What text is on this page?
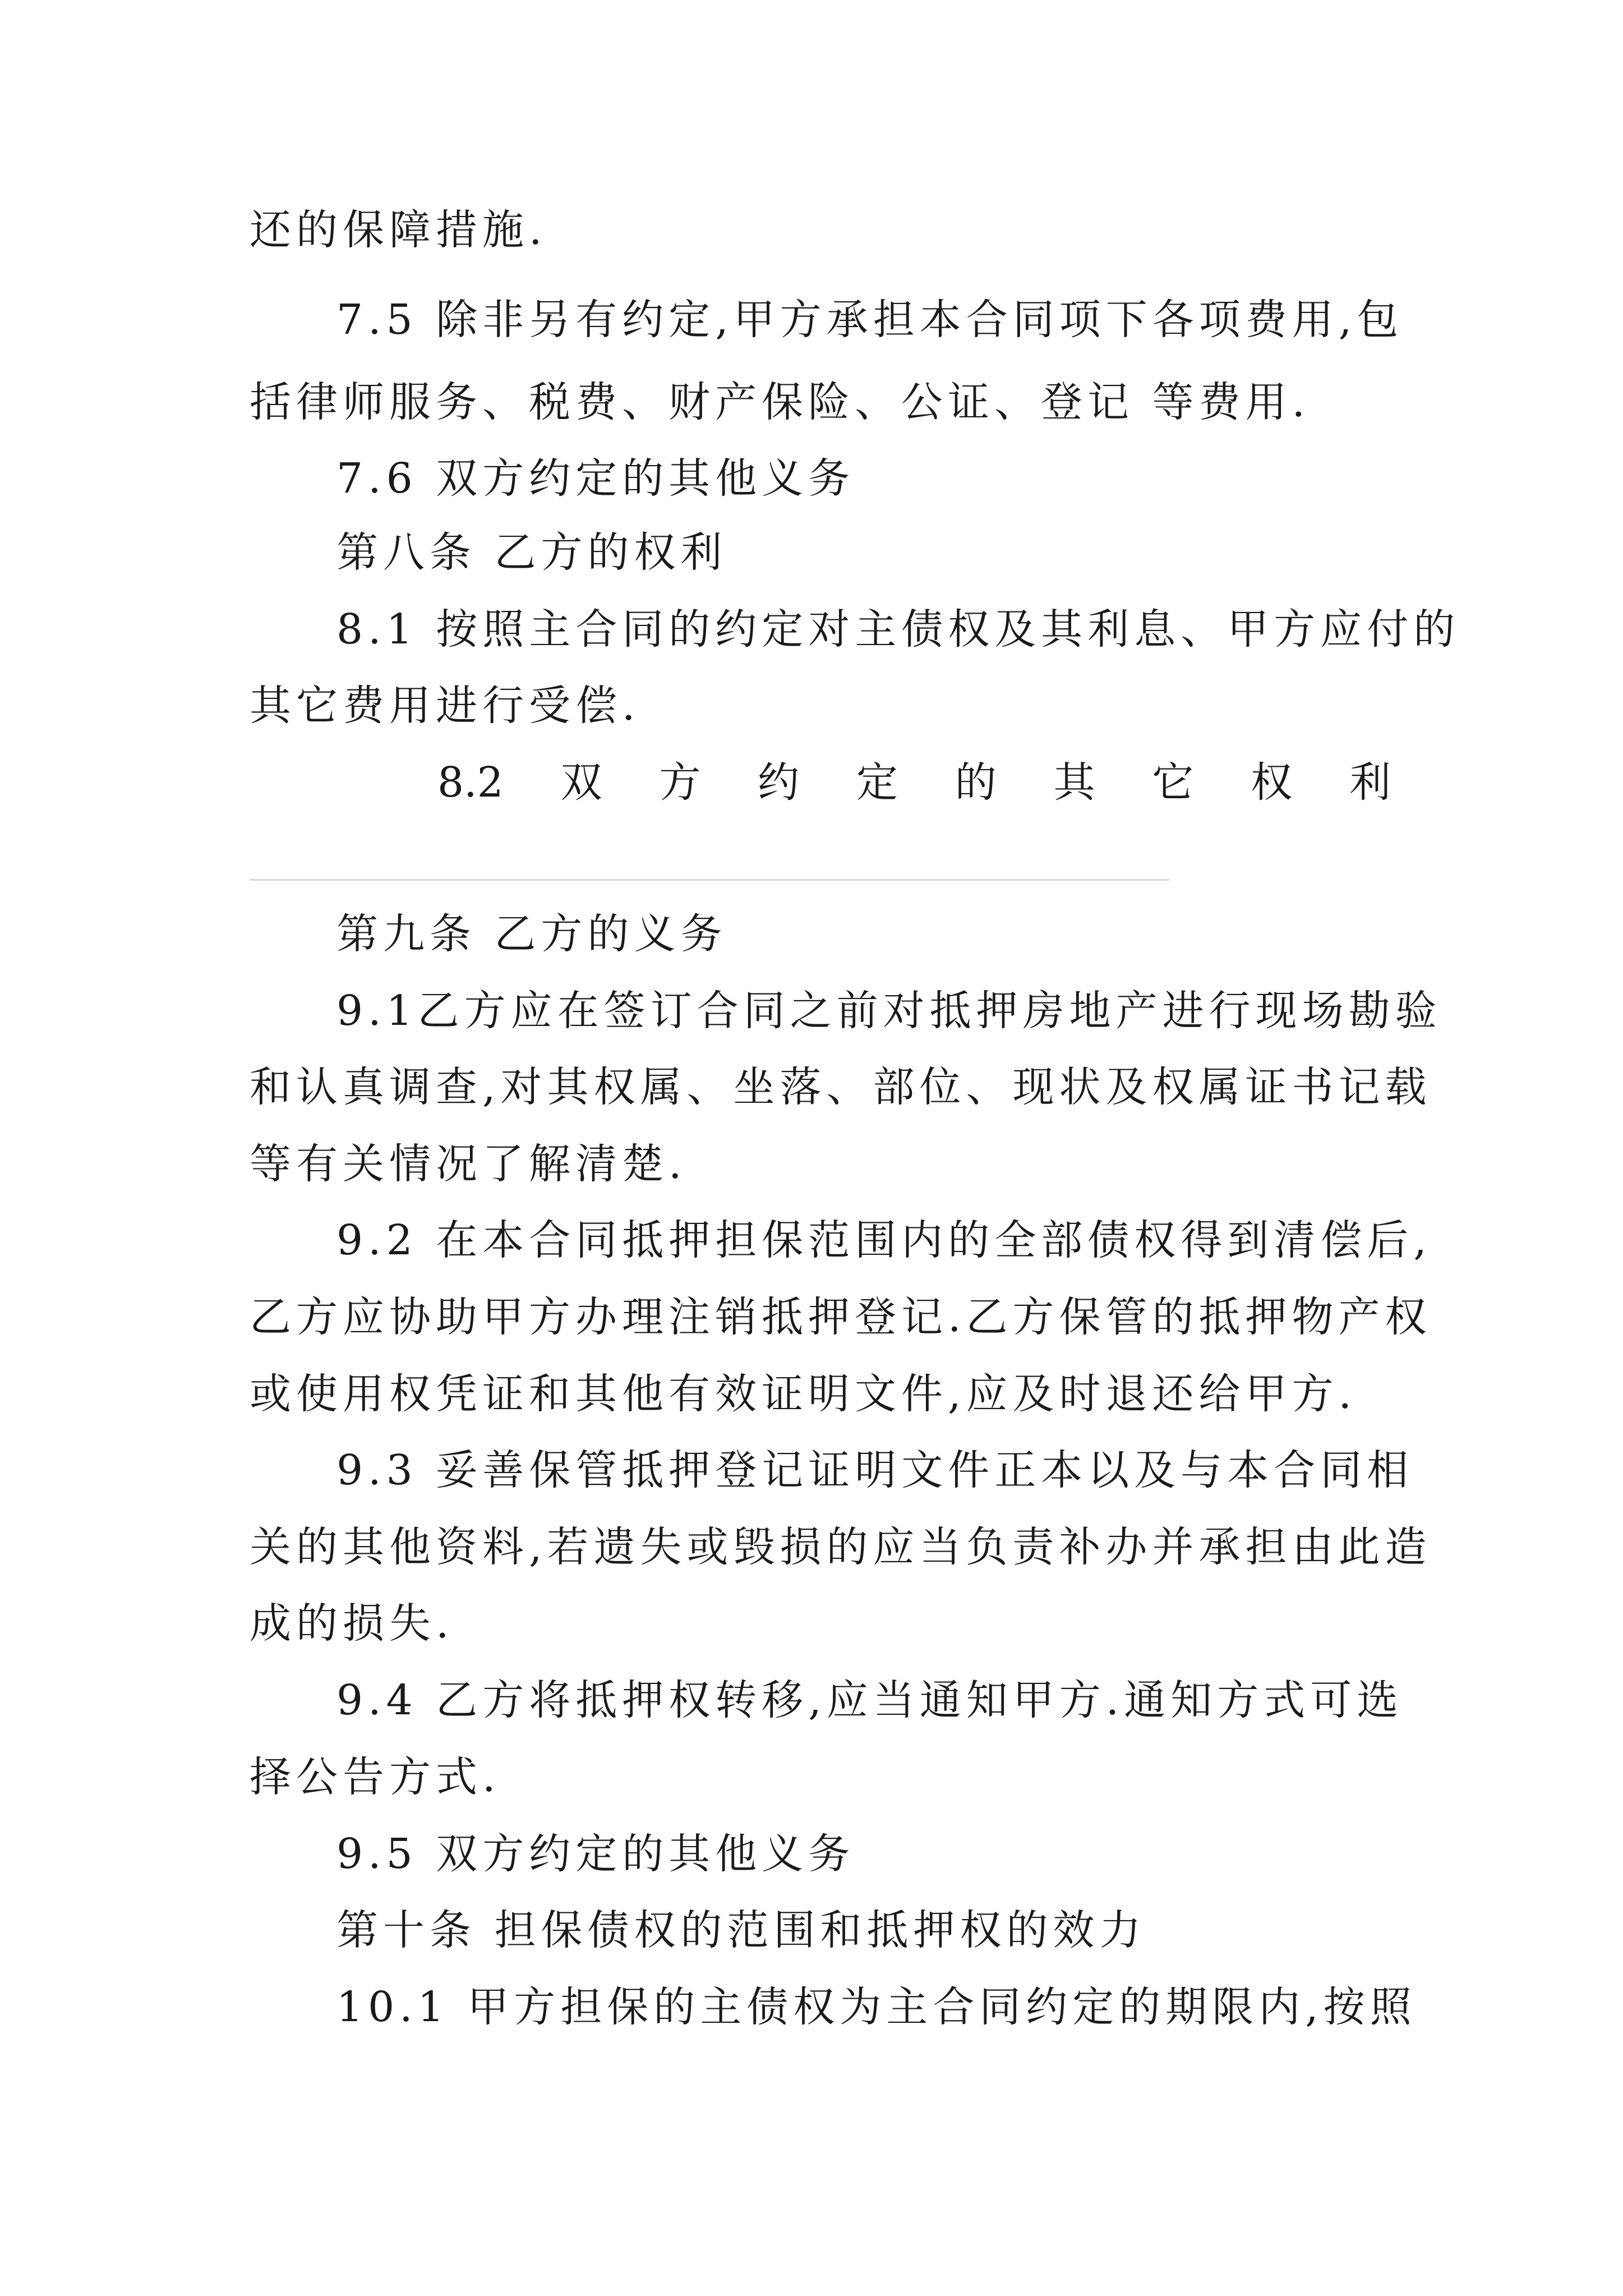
还的保障措施.
7.5 除非另有约定,甲方承担本合同项下各项费用,包
括律师服务、税费、财产保险、公证、登记 等费用.
7.6 双方约定的其他义务
第八条 乙方的权利
8.1 按照主合同的约定对主债权及其利息、甲方应付的
其它费用进行受偿.
8.2 双 方 约 定 的 其 它 权 利
第九条 乙方的义务
9.1乙方应在签订合同之前对抵押房地产进行现场勘验
和认真调查,对其权属、坐落、部位、现状及权属证书记载
等有关情况了解清楚.
9.2 在本合同抵押担保范围内的全部债权得到清偿后,
乙方应协助甲方办理注销抵押登记.乙方保管的抵押物产权
或使用权凭证和其他有效证明文件,应及时退还给甲方.
9.3 妥善保管抵押登记证明文件正本以及与本合同相
关的其他资料,若遗失或毁损的应当负责补办并承担由此造
成的损失.
9.4 乙方将抵押权转移,应当通知甲方.通知方式可选
择公告方式.
9.5 双方约定的其他义务
第十条 担保债权的范围和抵押权的效力
10.1 甲方担保的主债权为主合同约定的期限内,按照
